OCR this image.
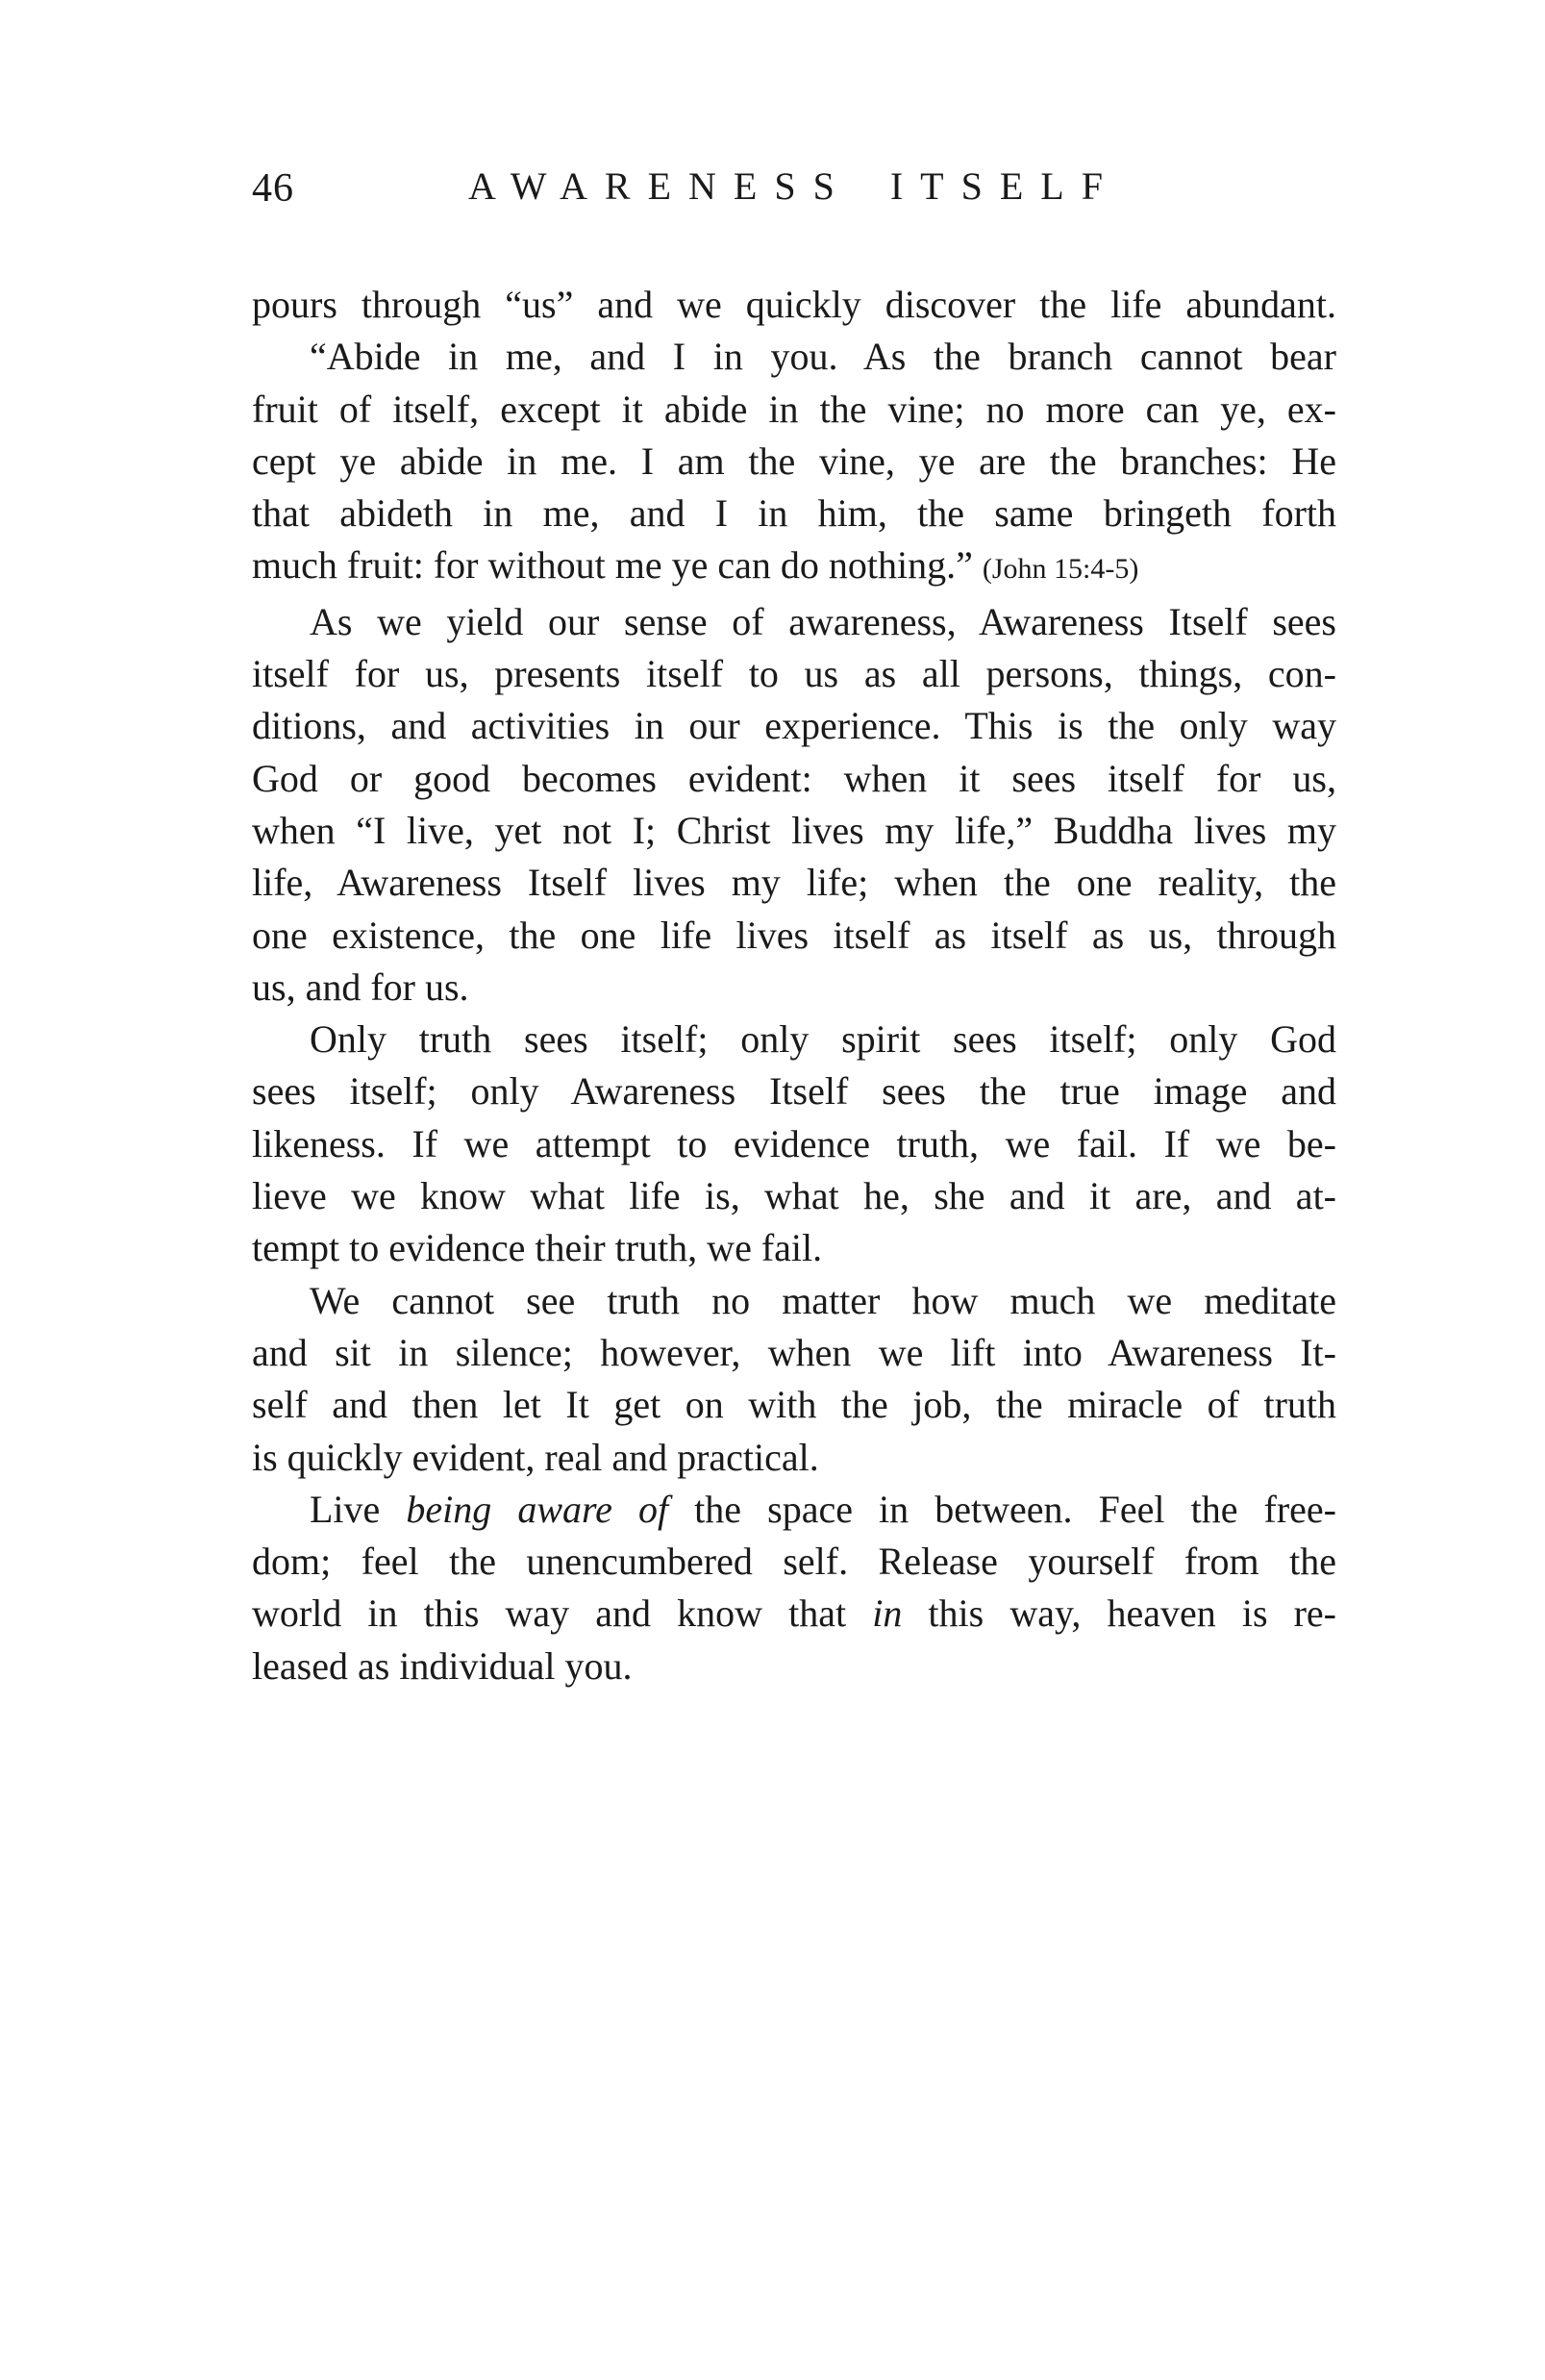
46	AWARENESS ITSELF
pours through “us” and we quickly discover the life abundant.
“Abide in me, and I in you. As the branch cannot bear
fruit of itself, except it abide in the vine; no more can ye, ex-
cept ye abide in me. I am the vine, ye are the branches: He
that abideth in me, and I in him, the same bringeth forth
much fruit: for without me ye can do nothing.” (John 15:4-5)
As we yield our sense of awareness, Awareness Itself sees
itself for us, presents itself to us as all persons, things, con-
ditions, and activities in our experience. This is the only way
God or good becomes evident: when it sees itself for us,
when “I live, yet not I; Christ lives my life,” Buddha lives my
life, Awareness Itself lives my life; when the one reality, the
one existence, the one life lives itself as itself as us, through
us, and for us.
Only truth sees itself; only spirit sees itself; only God
sees itself; only Awareness Itself sees the true image and
likeness. If we attempt to evidence truth, we fail. If we be-
lieve we know what life is, what he, she and it are, and at-
tempt to evidence their truth, we fail.
We cannot see truth no matter how much we meditate
and sit in silence; however, when we lift into Awareness It-
self and then let It get on with the job, the miracle of truth
is quickly evident, real and practical.
Live being aware of the space in between. Feel the free-
dom; feel the unencumbered self. Release yourself from the
world in this way and know that in this way, heaven is re-
leased as individual you.
